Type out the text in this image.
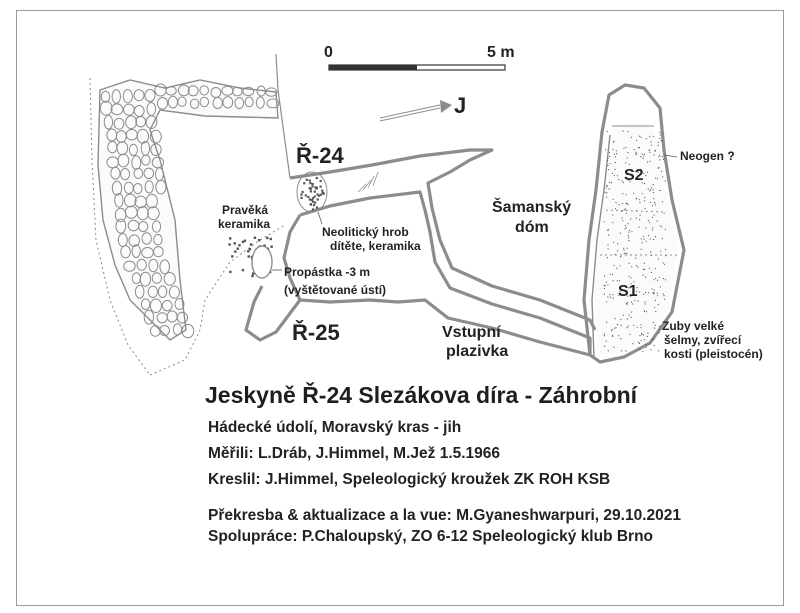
0	5 m
J
Ř-24
Ř-25
Pravěká
keramika
Neolitický hrob
dítěte, keramika
Propástka -3 m
(vyštětované ústí)
Vstupní
plazivka
Šamanský
dóm
Neogen ?
S2
S1
Zuby velké
šelmy, zvířecí
kosti (pleistocén)
Jeskyně Ř-24 Slezákova díra - Záhrobní
Hádecké údolí, Moravský kras - jih
Měřili: L.Dráb, J.Himmel, M.Jež 1.5.1966
Kreslil: J.Himmel, Speleologický kroužek ZK ROH KSB
Překresba & aktualizace a la vue: M.Gyaneshwarpuri, 29.10.2021
Spolupráce: P.Chaloupský, ZO 6-12 Speleologický klub Brno
